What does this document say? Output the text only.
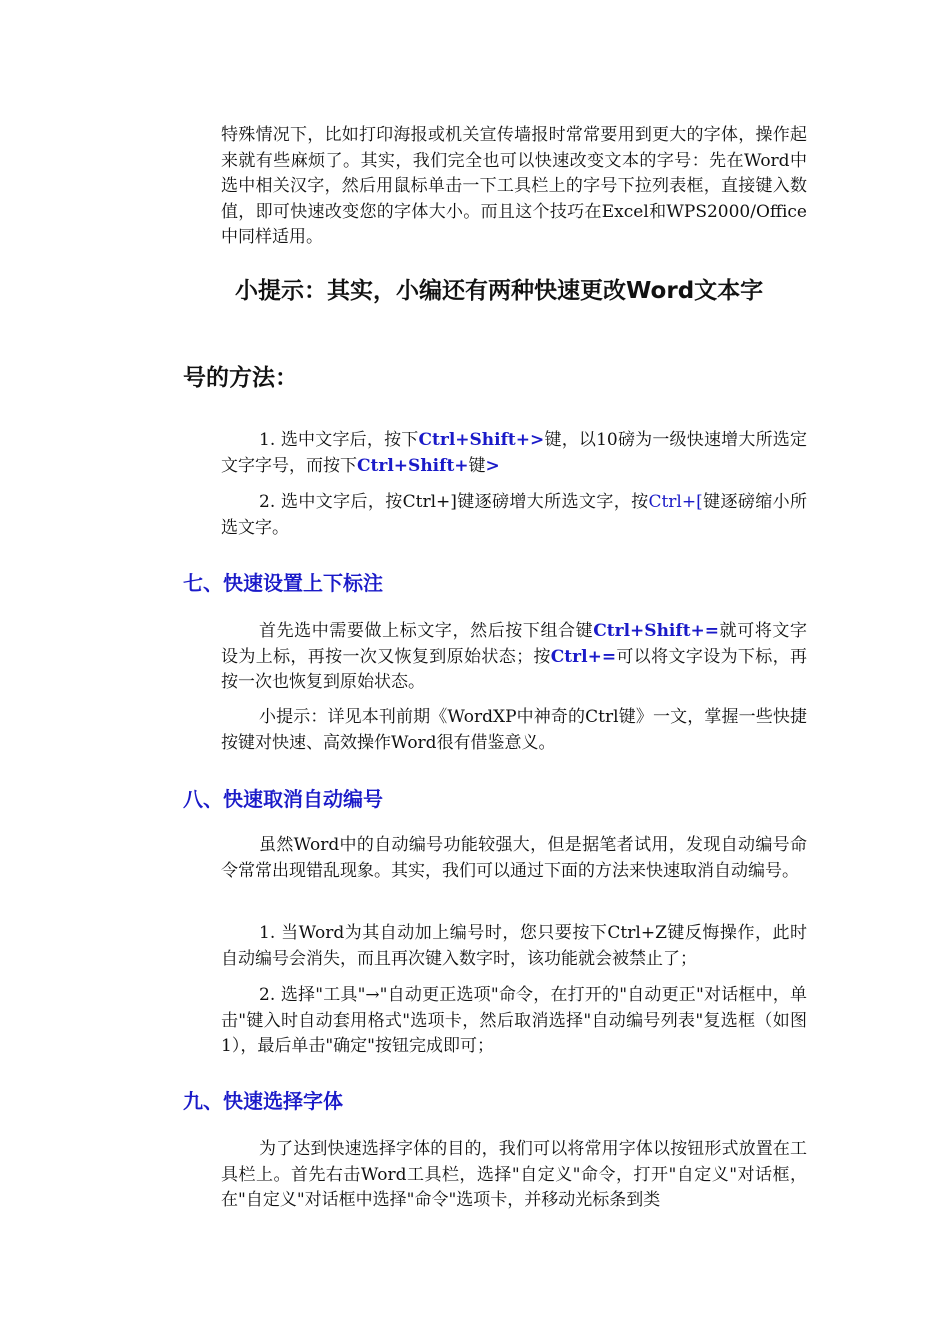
特殊情况下，比如打印海报或机关宣传墙报时常常要用到更大的字体，操作起来就有些麻烦了。其实，我们完全也可以快速改变文本的字号：先在Word中选中相关汉字，然后用鼠标单击一下工具栏上的字号下拉列表框，直接键入数值，即可快速改变您的字体大小。而且这个技巧在Excel和WPS2000/Office中同样适用。

小提示：其实，小编还有两种快速更改Word文本字
号的方法：

1. 选中文字后，按下Ctrl+Shift+>键，以10磅为一级快速增大所选定文字字号，而按下Ctrl+Shift+键>

2. 选中文字后，按Ctrl+]键逐磅增大所选文字，按Ctrl+[键逐磅缩小所选文字。

七、快速设置上下标注

首先选中需要做上标文字，然后按下组合键Ctrl+Shift+=就可将文字设为上标，再按一次又恢复到原始状态；按Ctrl+=可以将文字设为下标，再按一次也恢复到原始状态。

小提示：详见本刊前期《WordXP中神奇的Ctrl键》一文，掌握一些快捷按键对快速、高效操作Word很有借鉴意义。

八、快速取消自动编号

虽然Word中的自动编号功能较强大，但是据笔者试用，发现自动编号命令常常出现错乱现象。其实，我们可以通过下面的方法来快速取消自动编号。

1. 当Word为其自动加上编号时，您只要按下Ctrl+Z键反悔操作，此时自动编号会消失，而且再次键入数字时，该功能就会被禁止了；

2. 选择"工具"→"自动更正选项"命令，在打开的"自动更正"对话框中，单击"键入时自动套用格式"选项卡，然后取消选择"自动编号列表"复选框（如图1），最后单击"确定"按钮完成即可；

九、快速选择字体

为了达到快速选择字体的目的，我们可以将常用字体以按钮形式放置在工具栏上。首先右击Word工具栏，选择"自定义"命令，打开"自定义"对话框，在"自定义"对话框中选择"命令"选项卡，并移动光标条到类
